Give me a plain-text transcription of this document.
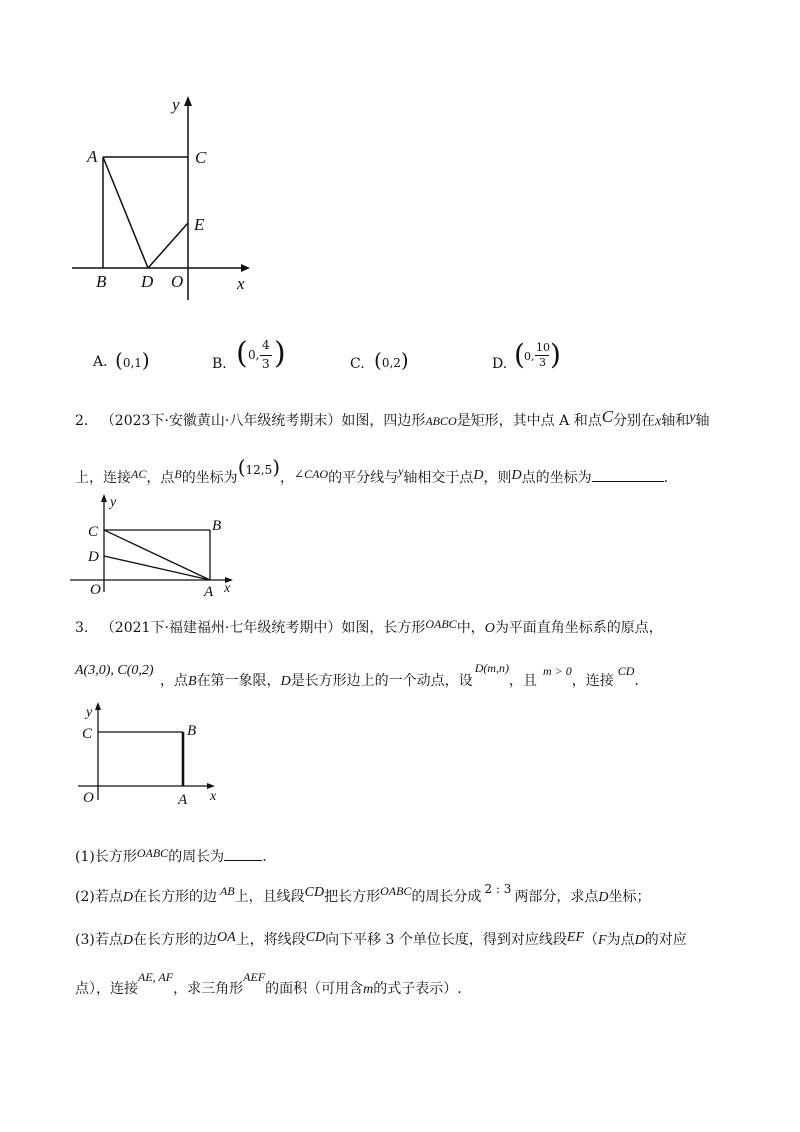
y
x
A	C
E
B D O
A. (0,1)	B. ( 0,
4
3 )	C. (0,2)	D. ( 0,
10
3 )
2. （2023下·安徽黄山·八年级统考期末）如图，四边形ABCO是矩形，其中点 A 和点C分别在x轴和y轴
上，连接AC，点B的坐标为(12,5)，∠CAO的平分线与y轴相交于点D，则D点的坐标为	.
y
x
C	B
D
O	A
3. （2021下·福建福州·七年级统考期中）如图，长方形OABC中，O为平面直角坐标系的原点，
A(3,0), C(0,2)
，点B在第一象限，D是长方形边上的一个动点，设D(m,n)，且m > 0，连接CD.
y
x
C	B
O	A
(1)长方形OABC的周长为	.
(2)若点D在长方形的边 AB上，且线段CD把长方形OABC的周长分成 2 : 3 两部分，求点D坐标；
(3)若点D在长方形的边OA上，将线段CD向下平移 3 个单位长度，得到对应线段EF（F为点D的对应
点），连接AE, AF，求三角形AEF的面积（可用含m的式子表示）.
